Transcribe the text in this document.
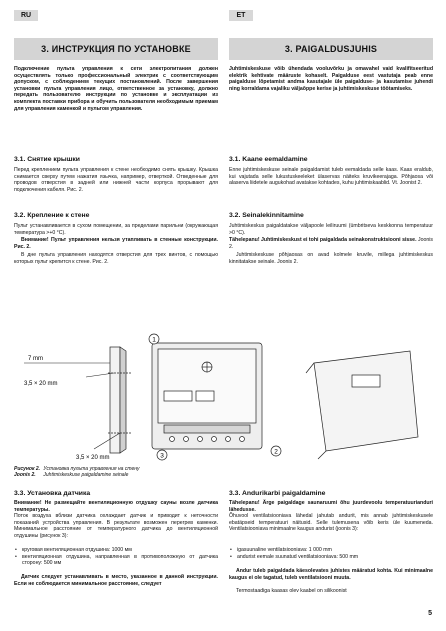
RU	ET
3. ИНСТРУКЦИЯ ПО УСТАНОВКЕ

Подключение пульта управления к сети электропитания должен осуществлять только профессиональный электрик с соответствующим допуском, с соблюдением текущих постановлений. После завершения установки пульта управления лицо, ответственное за установку, должно передать пользователю инструкции по установке и эксплуатации из комплекта поставки прибора и обучить пользователя необходимым приемам для управления каменкой и пультом управления.

3.1. Снятие крышки

Перед креплением пульта управления к стене необходимо снять крышку. Крышка снимается сверху путем нажатия язычка, например, отверткой. Отведенные для проводов отверстия в задней или нижней части корпуса прорывают для подключения кабеля. Рис. 2.

3.2. Крепление к стене

Пульт устанавливается в сухом помещении, за пределами парильни (окружающая температура >+0 °C).

Внимание! Пульт управления нельзя утапливать в стенные конструкции. Рис. 2.

В днe пульта управления находятся отверстия для трех винтов, с помощью которых пульт крепится к стене. Рис. 2.

3. PAIGALDUSJUHIS

Juhtimiskeskuse võib ühendada vooluvõrku ja omavahel vaid kvalifitseeritud elektrik kehtivate määruste kohaselt. Paigalduse eest vastutaja peab enne paigalduse lõpetamist andma kasutajale üle paigalduse- ja kasutamise juhendi ning korraldama vajaliku väljaõppe kerise ja juhtimiskeskuse töötamiseks.

3.1. Kaane eemaldamine

Enne juhtimiskeskuse seinale paigaldamist tuleb eemaldada selle kaas. Kaas eraldub, kui vajutada selle lukustuskeeleket ülaservas näiteks kruvikeerajaga. Põhjaosa või alaserva liidetele augukohad avatakse kohtades, kuhu juhtimiskaablid. Vt. Joonist 2.

3.2. Seinalekinnitamine

Juhtimiskeskus paigaldatakse väljapoole leiliruumi (ümbritseva keskkonna temperatuur >0 °C).

Tähelepanu! Juhtimiskeskust ei tohi paigaldada seinakonstruktsiooni sisse. Joonis 2.

Juhtimiskeskuse põhjaosas on avad kolmele kruvile, millega juhtimiskeskus kinnitatakse seinale. Joonis 2.

7 mm
3,5 × 20 mm
3,5 × 20 mm
1
2
3
Рисунок 2. Установка пульта управления на стену
Joonis 2. Juhtimiskeskuse paigaldamine seinale
3.3. Установка датчика

Внимание! Не размещайте вентиляционную отдушку сауны возле датчика температуры.

Поток воздуха вблизи датчика охлаждает датчик и приводит к неточности показаний устройства управления. В результате возможен перегрев каменки. Минимальное расстояние от температурного датчика до вентиляционной отдушины (рисунок 3):

• круговая вентиляционная отдушина: 1000 мм
• вентиляционная отдушина, направленная в противоположную от датчика сторону: 500 мм

Датчик следует устанавливать в место, указанное в данной инструкции. Если не соблюдается минимальное расстояние, следует

3.3. Andurikarbi paigaldamine

Tähelepanu! Ärge paigaldage saunaruumi õhu juurdevoolu temperatuurianduri lähedusse.

Õhuvool ventilatsiooniava lähedal jahutab andurit, mis annab juhtimiskeskusele ebatäpseid temperatuuri näitusid. Selle tulemusena võib keris üle kuumeneda. Ventilatsiooniava minimaalne kaugus andurist (joonis 3):

• igasuunaline ventilatsiooniava: 1 000 mm
• andurist eemale suunatud ventilatsiooniava: 500 mm

Andur tuleb paigaldada käesolevates juhistes määratud kohta. Kui minimaalne kaugus ei ole tagatud, tuleb ventilatsiooni muuta.

Termostaadiga kaasas olev kaabel on silikoonist

5
